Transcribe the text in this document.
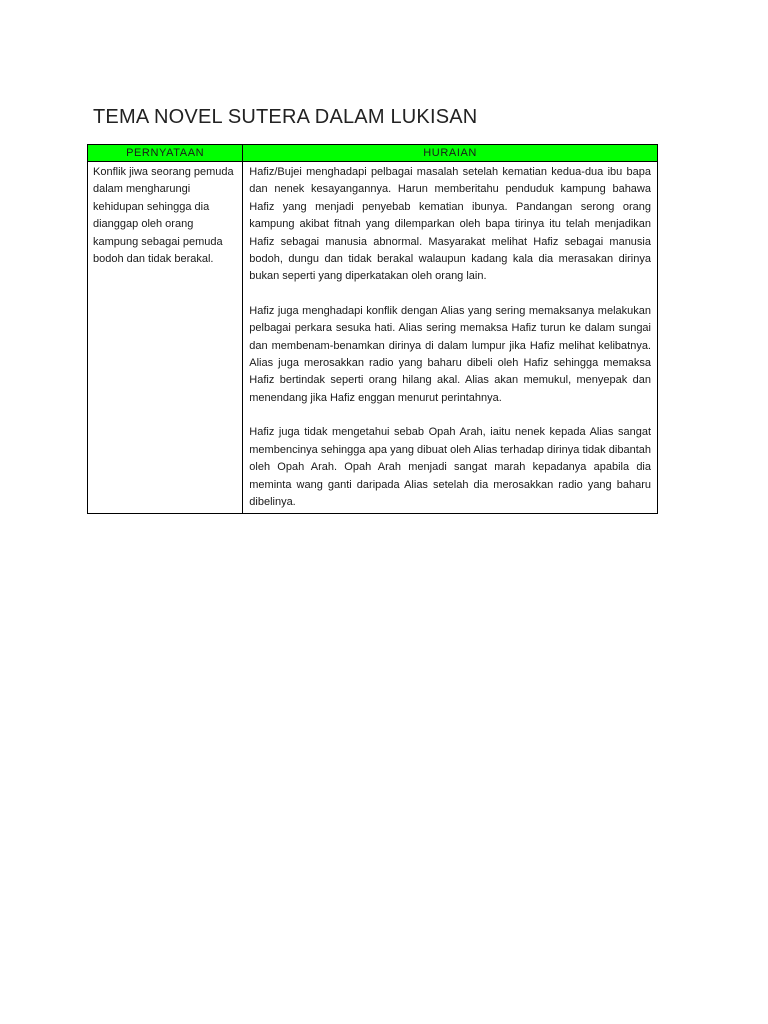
TEMA NOVEL SUTERA DALAM LUKISAN
PERNYATAAN	HURAIAN
Konflik jiwa seorang pemuda dalam mengharungi kehidupan sehingga dia dianggap oleh orang kampung sebagai pemuda bodoh dan tidak berakal.	Hafiz/Bujei menghadapi pelbagai masalah setelah kematian kedua-dua ibu bapa dan nenek kesayangannya. Harun memberitahu penduduk kampung bahawa Hafiz yang menjadi penyebab kematian ibunya. Pandangan serong orang kampung akibat fitnah yang dilemparkan oleh bapa tirinya itu telah menjadikan Hafiz sebagai manusia abnormal. Masyarakat melihat Hafiz sebagai manusia bodoh, dungu dan tidak berakal walaupun kadang kala dia merasakan dirinya bukan seperti yang diperkatakan oleh orang lain.

Hafiz juga menghadapi konflik dengan Alias yang sering memaksanya melakukan pelbagai perkara sesuka hati. Alias sering memaksa Hafiz turun ke dalam sungai dan membenam-benamkan dirinya di dalam lumpur jika Hafiz melihat kelibatnya. Alias juga merosakkan radio yang baharu dibeli oleh Hafiz sehingga memaksa Hafiz bertindak seperti orang hilang akal. Alias akan memukul, menyepak dan menendang jika Hafiz enggan menurut perintahnya.

Hafiz juga tidak mengetahui sebab Opah Arah, iaitu nenek kepada Alias sangat membencinya sehingga apa yang dibuat oleh Alias terhadap dirinya tidak dibantah oleh Opah Arah. Opah Arah menjadi sangat marah kepadanya apabila dia meminta wang ganti daripada Alias setelah dia merosakkan radio yang baharu dibelinya.
